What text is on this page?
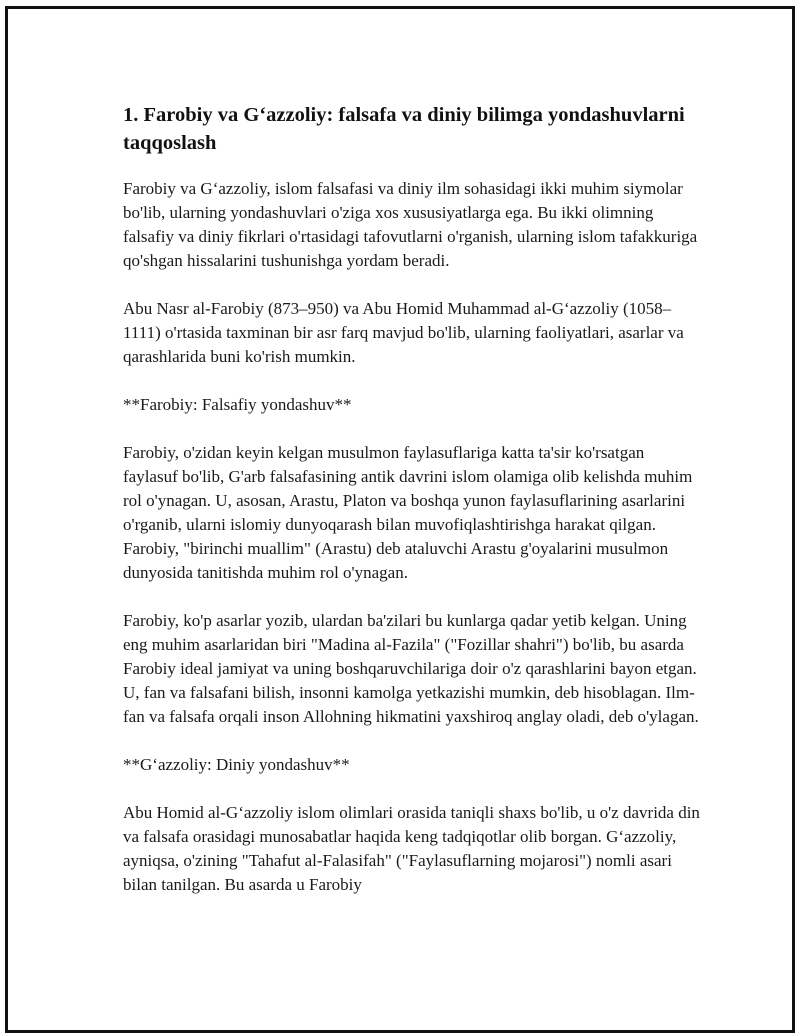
1. Farobiy va G‘azzoliy: falsafa va diniy bilimga yondashuvlarni taqqoslash

Farobiy va G‘azzoliy, islom falsafasi va diniy ilm sohasidagi ikki muhim siymolar bo'lib, ularning yondashuvlari o'ziga xos xususiyatlarga ega. Bu ikki olimning falsafiy va diniy fikrlari o'rtasidagi tafovutlarni o'rganish, ularning islom tafakkuriga qo'shgan hissalarini tushunishga yordam beradi.

Abu Nasr al-Farobiy (873–950) va Abu Homid Muhammad al-G‘azzoliy (1058–1111) o'rtasida taxminan bir asr farq mavjud bo'lib, ularning faoliyatlari, asarlar va qarashlarida buni ko'rish mumkin.

**Farobiy: Falsafiy yondashuv**

Farobiy, o'zidan keyin kelgan musulmon faylasuflariga katta ta'sir ko'rsatgan faylasuf bo'lib, G'arb falsafasining antik davrini islom olamiga olib kelishda muhim rol o'ynagan. U, asosan, Arastu, Platon va boshqa yunon faylasuflarining asarlarini o'rganib, ularni islomiy dunyoqarash bilan muvofiqlashtirishga harakat qilgan. Farobiy, "birinchi muallim" (Arastu) deb ataluvchi Arastu g'oyalarini musulmon dunyosida tanitishda muhim rol o'ynagan.

Farobiy, ko'p asarlar yozib, ulardan ba'zilari bu kunlarga qadar yetib kelgan. Uning eng muhim asarlaridan biri "Madina al-Fazila" ("Fozillar shahri") bo'lib, bu asarda Farobiy ideal jamiyat va uning boshqaruvchilariga doir o'z qarashlarini bayon etgan. U, fan va falsafani bilish, insonni kamolga yetkazishi mumkin, deb hisoblagan. Ilm-fan va falsafa orqali inson Allohning hikmatini yaxshiroq anglay oladi, deb o'ylagan.

**G‘azzoliy: Diniy yondashuv**

Abu Homid al-G‘azzoliy islom olimlari orasida taniqli shaxs bo'lib, u o'z davrida din va falsafa orasidagi munosabatlar haqida keng tadqiqotlar olib borgan. G‘azzoliy, ayniqsa, o'zining "Tahafut al-Falasifah" ("Faylasuflarning mojarosi") nomli asari bilan tanilgan. Bu asarda u Farobiy
